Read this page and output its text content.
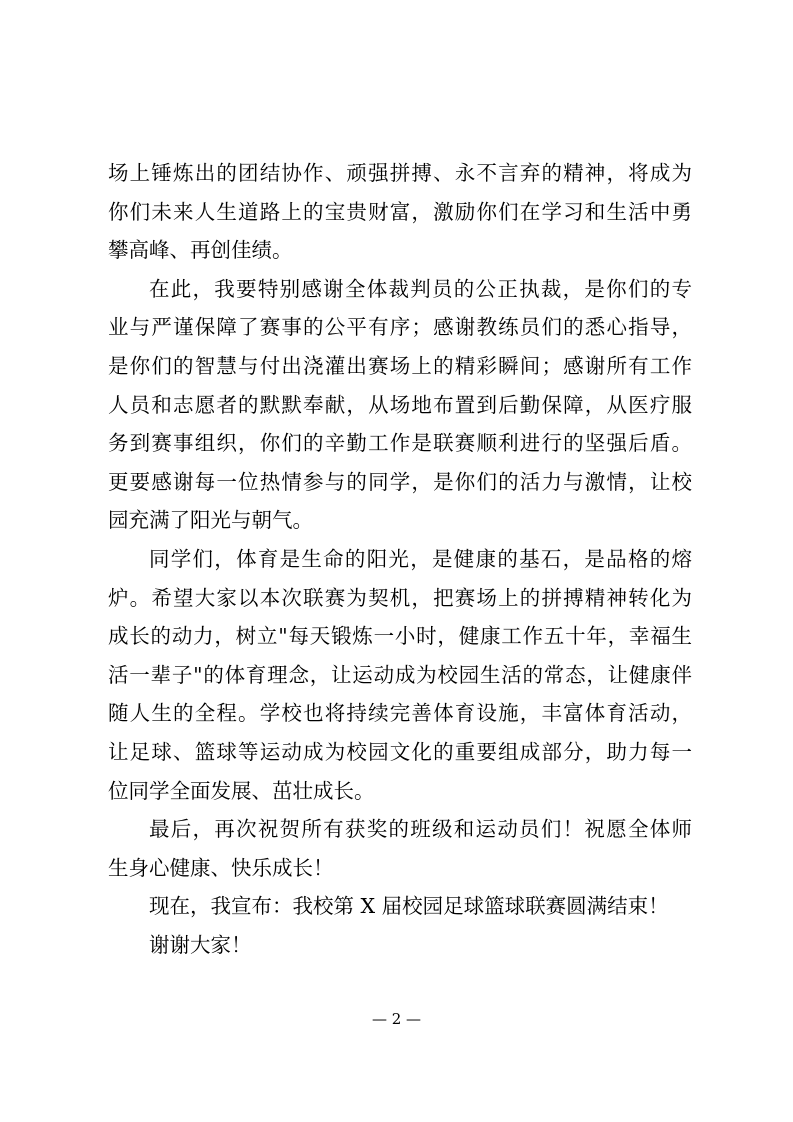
场上锤炼出的团结协作、顽强拼搏、永不言弃的精神，将成为
你们未来人生道路上的宝贵财富，激励你们在学习和生活中勇
攀高峰、再创佳绩。
在此，我要特别感谢全体裁判员的公正执裁，是你们的专
业与严谨保障了赛事的公平有序；感谢教练员们的悉心指导，
是你们的智慧与付出浇灌出赛场上的精彩瞬间；感谢所有工作
人员和志愿者的默默奉献，从场地布置到后勤保障，从医疗服
务到赛事组织，你们的辛勤工作是联赛顺利进行的坚强后盾。
更要感谢每一位热情参与的同学，是你们的活力与激情，让校
园充满了阳光与朝气。
同学们，体育是生命的阳光，是健康的基石，是品格的熔
炉。希望大家以本次联赛为契机，把赛场上的拼搏精神转化为
成长的动力，树立"每天锻炼一小时，健康工作五十年，幸福生
活一辈子"的体育理念，让运动成为校园生活的常态，让健康伴
随人生的全程。学校也将持续完善体育设施，丰富体育活动，
让足球、篮球等运动成为校园文化的重要组成部分，助力每一
位同学全面发展、茁壮成长。
最后，再次祝贺所有获奖的班级和运动员们！祝愿全体师
生身心健康、快乐成长！
现在，我宣布：我校第 X 届校园足球篮球联赛圆满结束！
谢谢大家！
— 2 —
